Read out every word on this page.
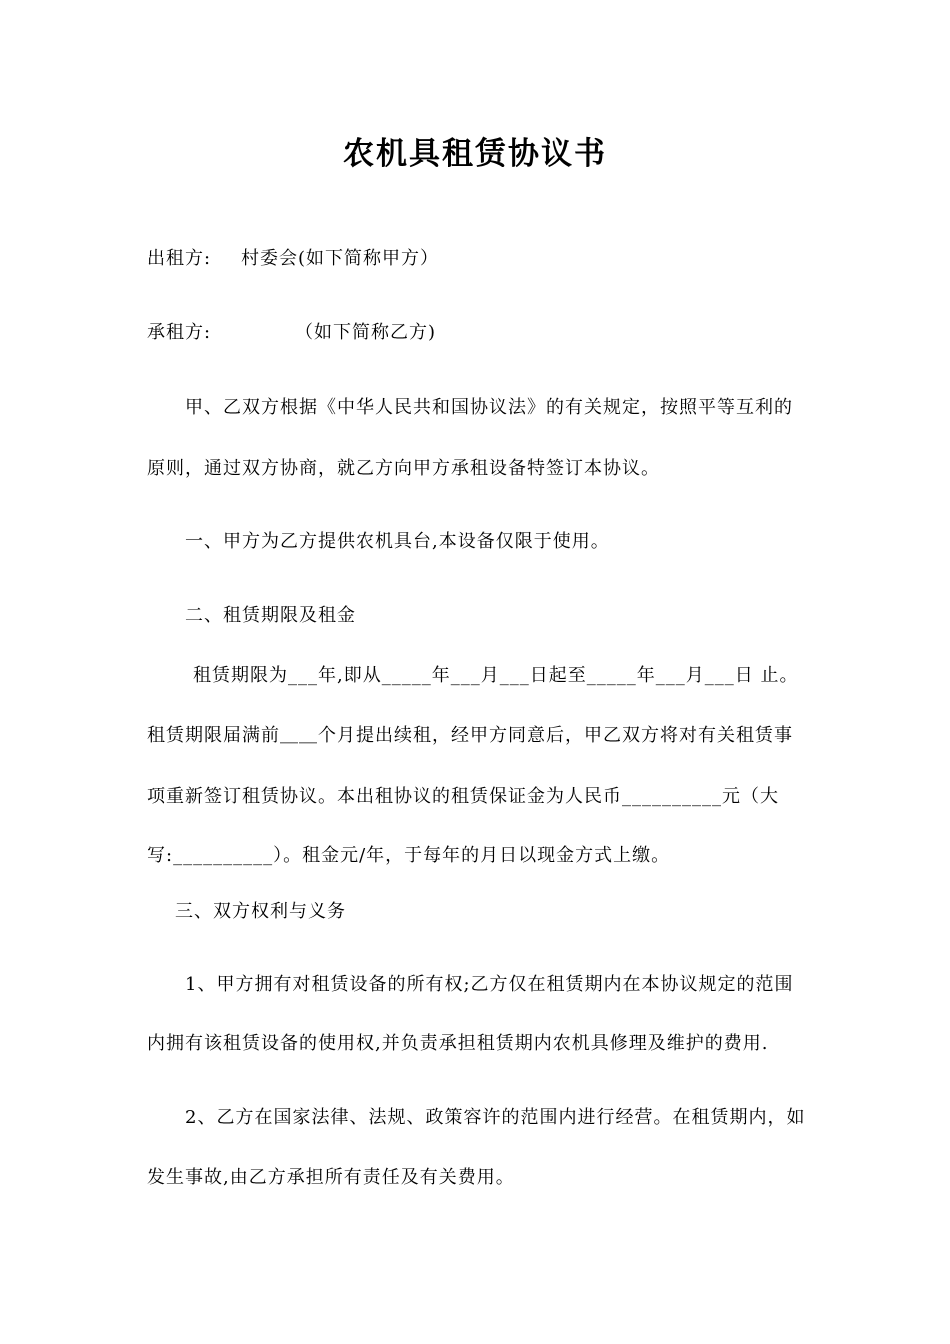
农机具租赁协议书
出租方: 村委会(如下简称甲方）
承租方:	（如下简称乙方)
甲、乙双方根据《中华人民共和国协议法》的有关规定，按照平等互利的
原则，通过双方协商，就乙方向甲方承租设备特签订本协议。
一、甲方为乙方提供农机具台,本设备仅限于使用。
二、租赁期限及租金
租赁期限为___年,即从_____年___月___日起至_____年___月___日 止。
租赁期限届满前＿＿个月提出续租，经甲方同意后，甲乙双方将对有关租赁事
项重新签订租赁协议。本出租协议的租赁保证金为人民币__________元（大
写:__________）。租金元/年，于每年的月日以现金方式上缴。
三、双方权利与义务
1、甲方拥有对租赁设备的所有权;乙方仅在租赁期内在本协议规定的范围
内拥有该租赁设备的使用权,并负责承担租赁期内农机具修理及维护的费用.
2、乙方在国家法律、法规、政策容许的范围内进行经营。在租赁期内，如
发生事故,由乙方承担所有责任及有关费用。
